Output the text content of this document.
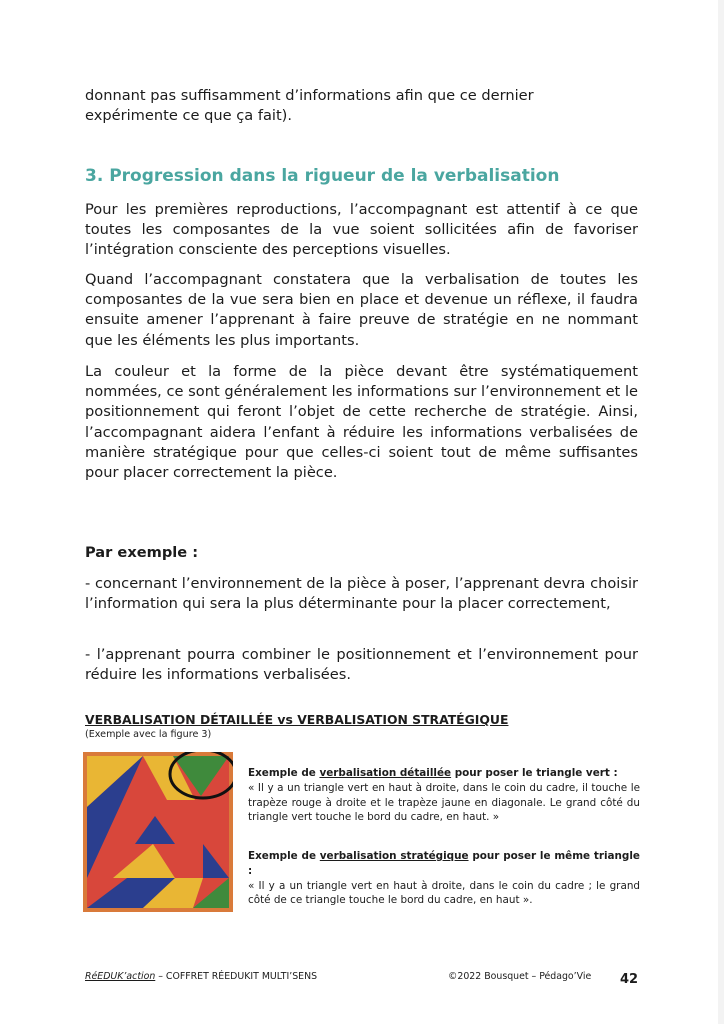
donnant pas suffisamment d’informations afin que ce dernier

expérimente ce que ça fait).

3. Progression dans la rigueur de la verbalisation

Pour les premières reproductions, l’accompagnant est attentif à ce que toutes les composantes de la vue soient sollicitées afin de favoriser l’intégration consciente des perceptions visuelles.

Quand l’accompagnant constatera que la verbalisation de toutes les composantes de la vue sera bien en place et devenue un réflexe, il faudra ensuite amener l’apprenant à faire preuve de stratégie en ne nommant que les éléments les plus importants.

La couleur et la forme de la pièce devant être systématiquement nommées, ce sont généralement les informations sur l’environnement et le positionnement qui feront l’objet de cette recherche de stratégie. Ainsi, l’accompagnant aidera l’enfant à réduire les informations verbalisées de manière stratégique pour que celles-ci soient tout de même suffisantes pour placer correctement la pièce.

Par exemple :

- concernant l’environnement de la pièce à poser, l’apprenant devra choisir l’information qui sera la plus déterminante pour la placer correctement,

- l’apprenant pourra combiner le positionnement et l’environnement pour réduire les informations verbalisées.

VERBALISATION DÉTAILLÉE vs VERBALISATION STRATÉGIQUE

(Exemple avec la figure 3)

Exemple de verbalisation détaillée pour poser le triangle vert :
« Il y a un triangle vert en haut à droite, dans le coin du cadre, il touche le trapèze rouge à droite et le trapèze jaune en diagonale. Le grand côté du triangle vert touche le bord du cadre, en haut. »
Exemple de verbalisation stratégique pour poser le même triangle :
« Il y a un triangle vert en haut à droite, dans le coin du cadre ; le grand côté de ce triangle touche le bord du cadre, en haut ».
RéEDUK’action – COFFRET RÉEDUKIT MULTI’SENS	©2022 Bousquet – Pédago’Vie 42
